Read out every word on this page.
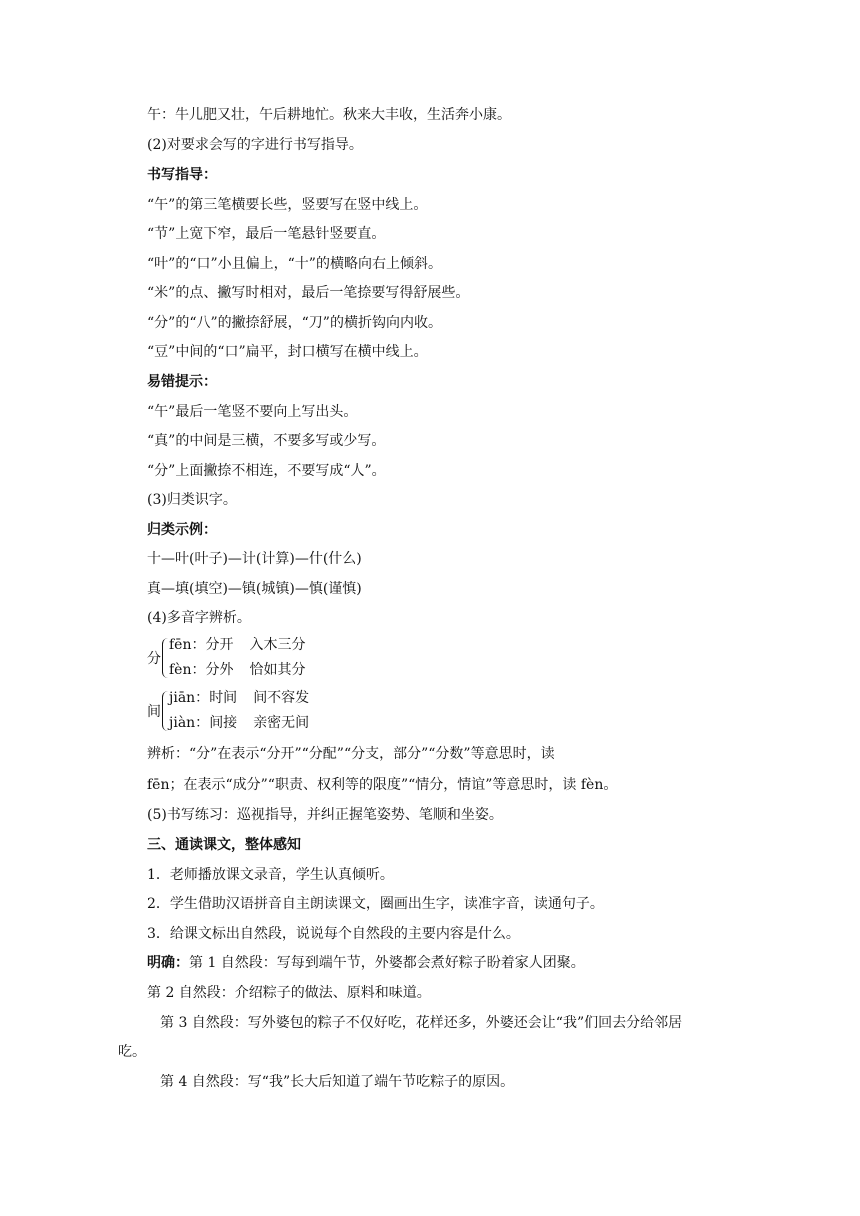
午：牛儿肥又壮，午后耕地忙。秋来大丰收，生活奔小康。
(2)对要求会写的字进行书写指导。
书写指导：
“午”的第三笔横要长些，竖要写在竖中线上。
“节”上宽下窄，最后一笔悬针竖要直。
“叶”的“口”小且偏上，“十”的横略向右上倾斜。
“米”的点、撇写时相对，最后一笔捺要写得舒展些。
“分”的“八”的撇捺舒展，“刀”的横折钩向内收。
“豆”中间的“口”扁平，封口横写在横中线上。
易错提示：
“午”最后一笔竖不要向上写出头。
“真”的中间是三横，不要多写或少写。
“分”上面撇捺不相连，不要写成“人”。
(3)归类识字。
归类示例：
十—叶(叶子)—计(计算)—什(什么)
真—填(填空)—镇(城镇)—慎(谨慎)
(4)多音字辨析。
分
fēn：分开 入木三分
fèn：分外 恰如其分
间
jiān：时间 间不容发
jiàn：间接 亲密无间
辨析：“分”在表示“分开”“分配”“分支，部分”“分数”等意思时，读
fēn；在表示“成分”“职责、权利等的限度”“情分，情谊”等意思时，读 fèn。
(5)书写练习：巡视指导，并纠正握笔姿势、笔顺和坐姿。
三、通读课文，整体感知
1．老师播放课文录音，学生认真倾听。
2．学生借助汉语拼音自主朗读课文，圈画出生字，读准字音，读通句子。
3．给课文标出自然段，说说每个自然段的主要内容是什么。
明确：第 1 自然段：写每到端午节，外婆都会煮好粽子盼着家人团聚。
第 2 自然段：介绍粽子的做法、原料和味道。
第 3 自然段：写外婆包的粽子不仅好吃，花样还多，外婆还会让“我”们回去分给邻居
吃。
第 4 自然段：写“我”长大后知道了端午节吃粽子的原因。
